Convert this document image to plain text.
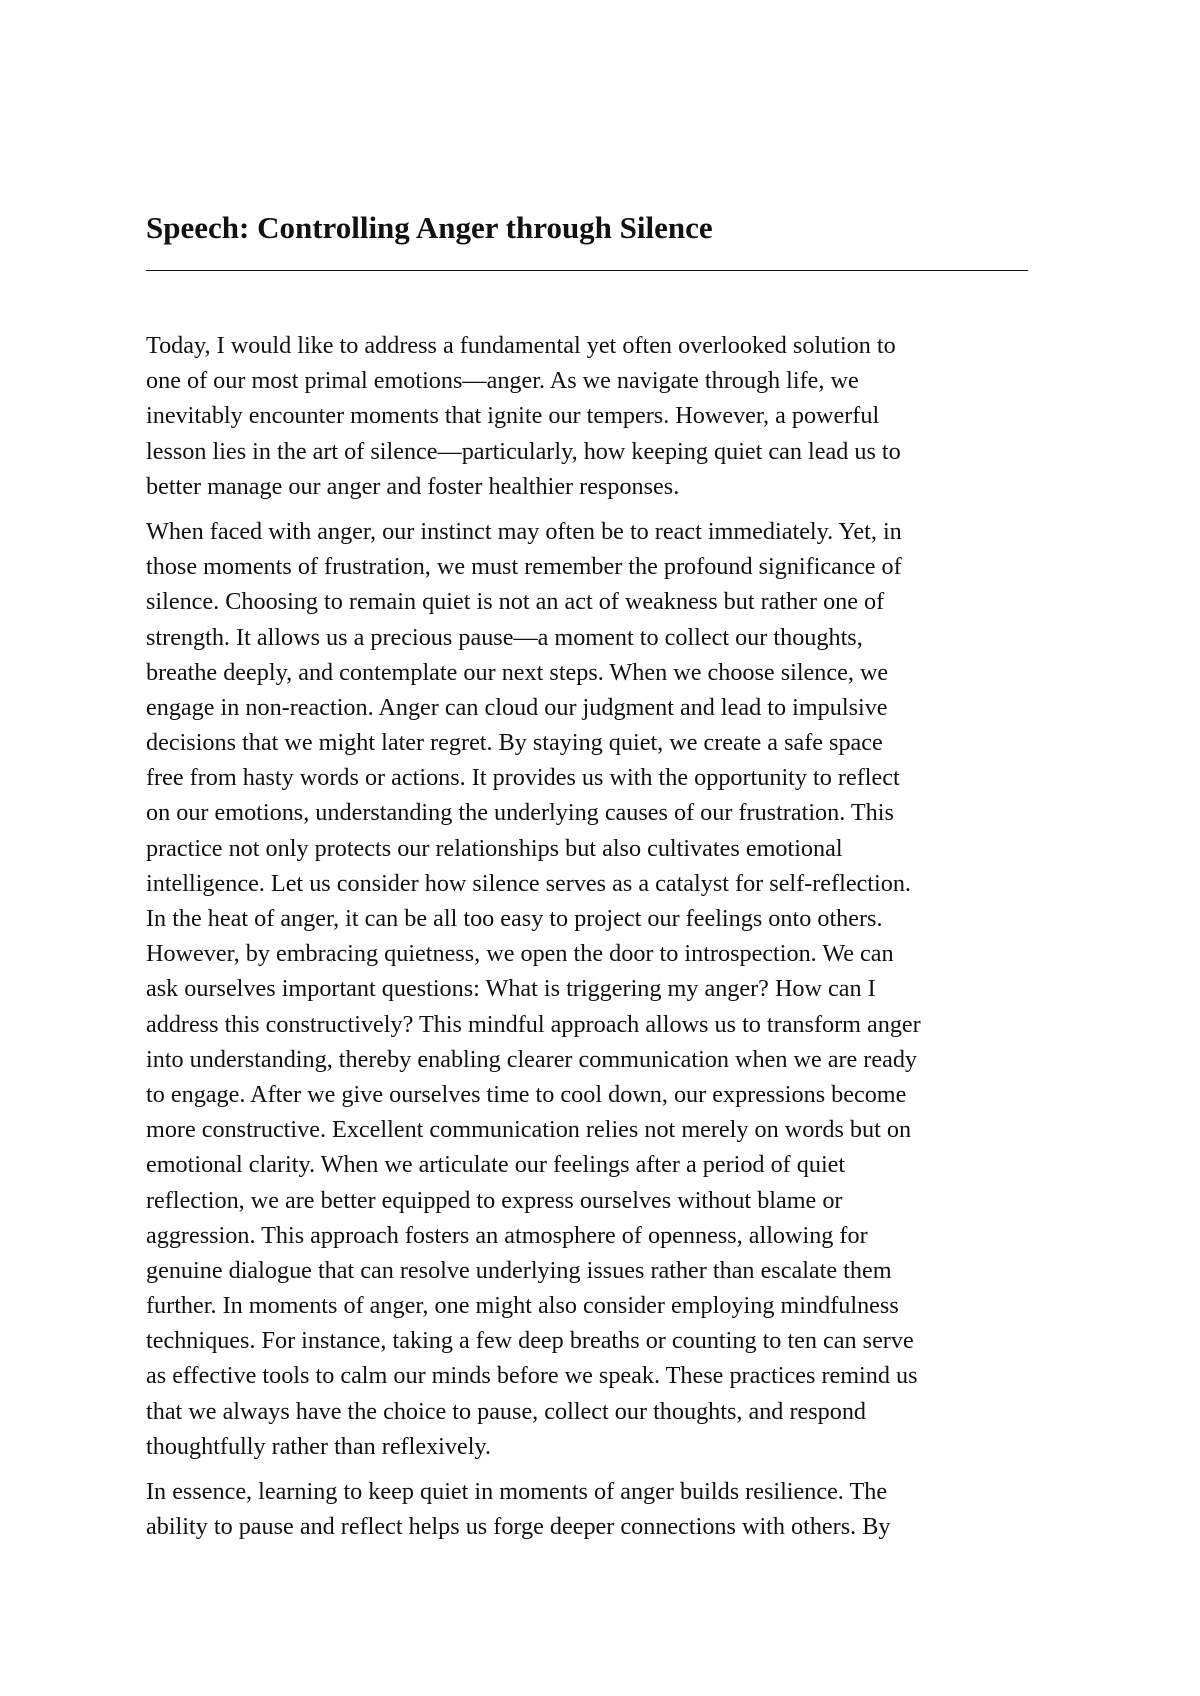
Speech: Controlling Anger through Silence

Today, I would like to address a fundamental yet often overlooked solution to
one of our most primal emotions—anger. As we navigate through life, we
inevitably encounter moments that ignite our tempers. However, a powerful
lesson lies in the art of silence—particularly, how keeping quiet can lead us to
better manage our anger and foster healthier responses.

When faced with anger, our instinct may often be to react immediately. Yet, in
those moments of frustration, we must remember the profound significance of
silence. Choosing to remain quiet is not an act of weakness but rather one of
strength. It allows us a precious pause—a moment to collect our thoughts,
breathe deeply, and contemplate our next steps. When we choose silence, we
engage in non-reaction. Anger can cloud our judgment and lead to impulsive
decisions that we might later regret. By staying quiet, we create a safe space
free from hasty words or actions. It provides us with the opportunity to reflect
on our emotions, understanding the underlying causes of our frustration. This
practice not only protects our relationships but also cultivates emotional
intelligence. Let us consider how silence serves as a catalyst for self-reflection.
In the heat of anger, it can be all too easy to project our feelings onto others.
However, by embracing quietness, we open the door to introspection. We can
ask ourselves important questions: What is triggering my anger? How can I
address this constructively? This mindful approach allows us to transform anger
into understanding, thereby enabling clearer communication when we are ready
to engage. After we give ourselves time to cool down, our expressions become
more constructive. Excellent communication relies not merely on words but on
emotional clarity. When we articulate our feelings after a period of quiet
reflection, we are better equipped to express ourselves without blame or
aggression. This approach fosters an atmosphere of openness, allowing for
genuine dialogue that can resolve underlying issues rather than escalate them
further. In moments of anger, one might also consider employing mindfulness
techniques. For instance, taking a few deep breaths or counting to ten can serve
as effective tools to calm our minds before we speak. These practices remind us
that we always have the choice to pause, collect our thoughts, and respond
thoughtfully rather than reflexively.

In essence, learning to keep quiet in moments of anger builds resilience. The
ability to pause and reflect helps us forge deeper connections with others. By
